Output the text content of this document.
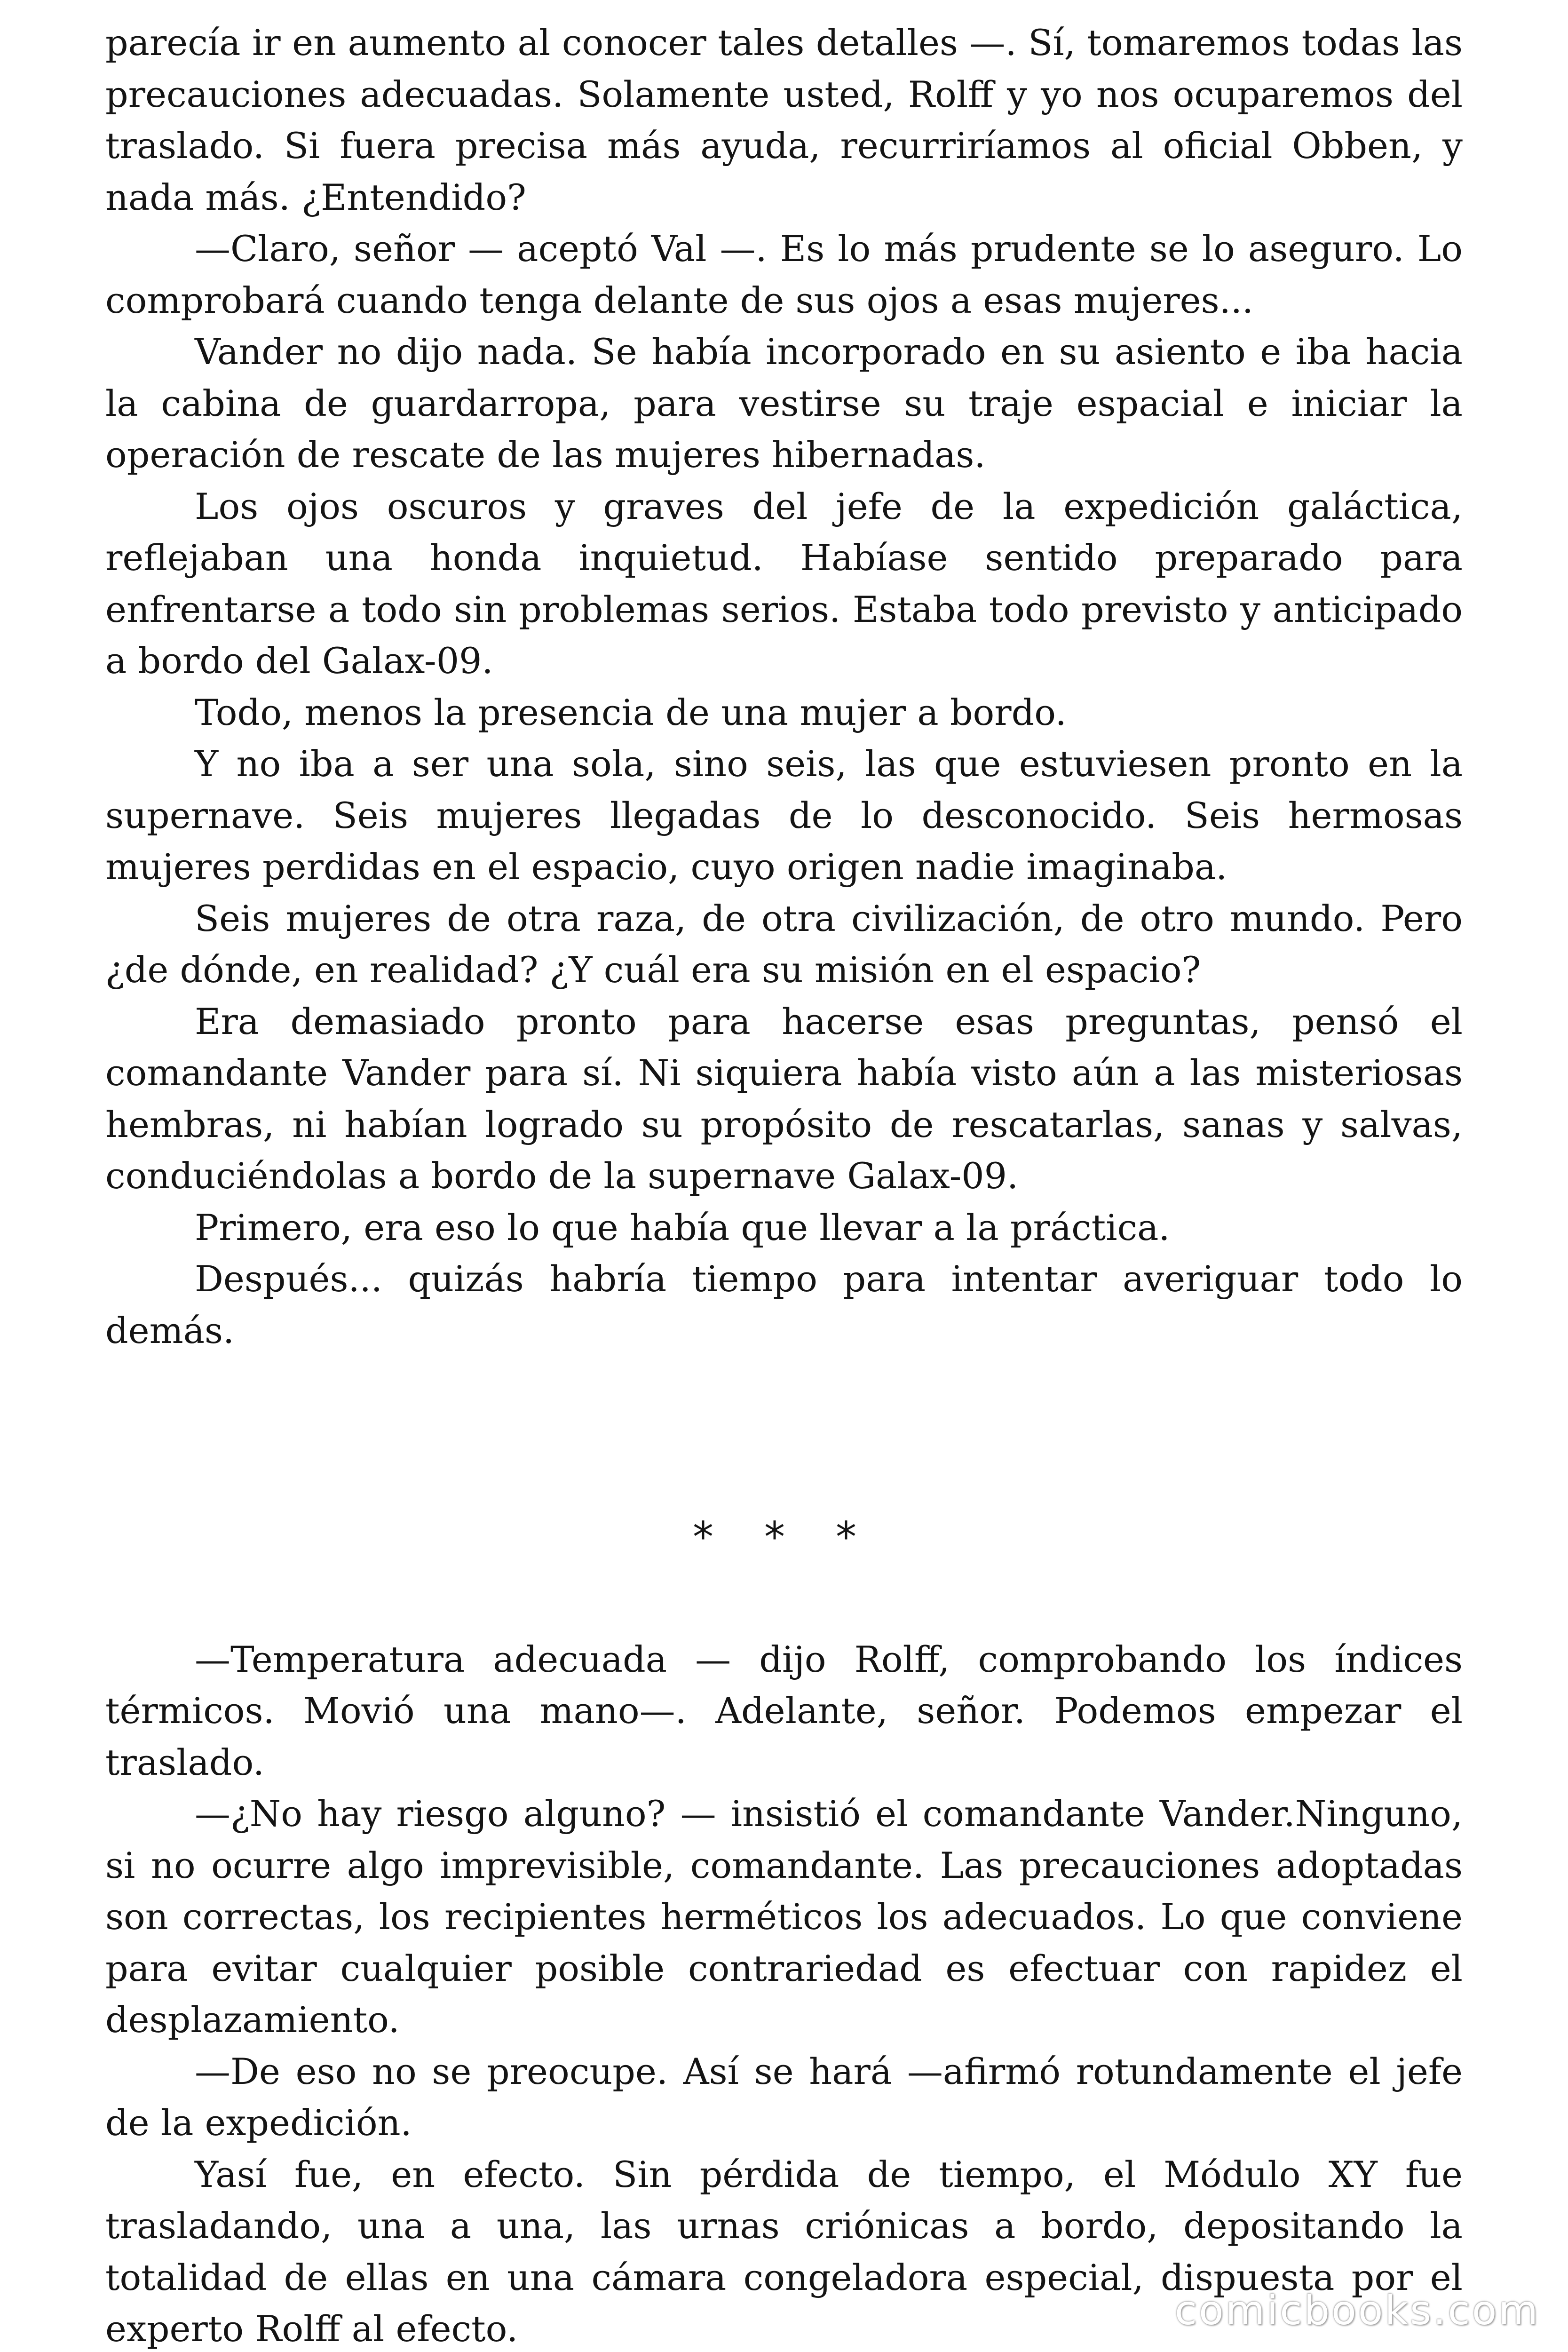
parecía ir en aumento al conocer tales detalles —. Sí, tomaremos todas las precauciones adecuadas. Solamente usted, Rolff y yo nos ocuparemos del traslado. Si fuera precisa más ayuda, recurriríamos al oficial Obben, y nada más. ¿Entendido?

—Claro, señor — aceptó Val —. Es lo más prudente se lo aseguro. Lo comprobará cuando tenga delante de sus ojos a esas mujeres...

Vander no dijo nada. Se había incorporado en su asiento e iba hacia la cabina de guardarropa, para vestirse su traje espacial e iniciar la operación de rescate de las mujeres hibernadas.

Los ojos oscuros y graves del jefe de la expedición galáctica, reflejaban una honda inquietud. Habíase sentido preparado para enfrentarse a todo sin problemas serios. Estaba todo previsto y anticipado a bordo del Galax-09.

Todo, menos la presencia de una mujer a bordo.

Y no iba a ser una sola, sino seis, las que estuviesen pronto en la supernave. Seis mujeres llegadas de lo desconocido. Seis hermosas mujeres perdidas en el espacio, cuyo origen nadie imaginaba.

Seis mujeres de otra raza, de otra civilización, de otro mundo. Pero ¿de dónde, en realidad? ¿Y cuál era su misión en el espacio?

Era demasiado pronto para hacerse esas preguntas, pensó el comandante Vander para sí. Ni siquiera había visto aún a las misteriosas hembras, ni habían logrado su propósito de rescatarlas, sanas y salvas, conduciéndolas a bordo de la supernave Galax-09.

Primero, era eso lo que había que llevar a la práctica.

Después... quizás habría tiempo para intentar averiguar todo lo demás.

* * *

—Temperatura adecuada — dijo Rolff, comprobando los índices térmicos. Movió una mano—. Adelante, señor. Podemos empezar el traslado.

—¿No hay riesgo alguno? — insistió el comandante Vander.Ninguno, si no ocurre algo imprevisible, comandante. Las precauciones adoptadas son correctas, los recipientes herméticos los adecuados. Lo que conviene para evitar cualquier posible contrariedad es efectuar con rapidez el desplazamiento.

—De eso no se preocupe. Así se hará —afirmó rotundamente el jefe de la expedición.

Yasí fue, en efecto. Sin pérdida de tiempo, el Módulo XY fue trasladando, una a una, las urnas criónicas a bordo, depositando la totalidad de ellas en una cámara congeladora especial, dispuesta por el experto Rolff al efecto.	comicbooks.com
